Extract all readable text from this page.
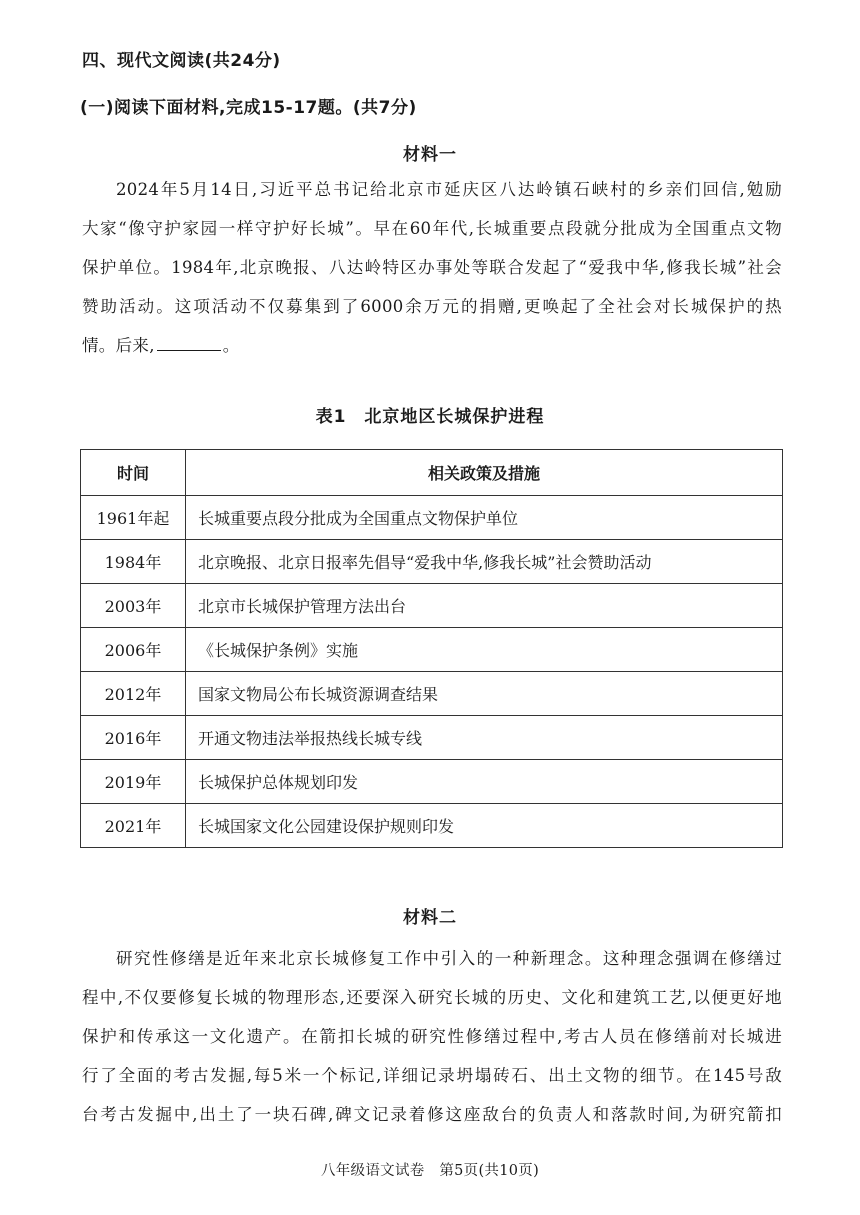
四、现代文阅读(共24分)
(一)阅读下面材料,完成15-17题。(共7分)
材料一
2024年5月14日,习近平总书记给北京市延庆区八达岭镇石峡村的乡亲们回信,勉励
大家“像守护家园一样守护好长城”。早在60年代,长城重要点段就分批成为全国重点文物
保护单位。1984年,北京晚报、八达岭特区办事处等联合发起了“爱我中华,修我长城”社会
赞助活动。这项活动不仅募集到了6000余万元的捐赠,更唤起了全社会对长城保护的热
情。后来,	。
表1　北京地区长城保护进程
时间	相关政策及措施
1961年起	长城重要点段分批成为全国重点文物保护单位
1984年	北京晚报、北京日报率先倡导“爱我中华,修我长城”社会赞助活动
2003年	北京市长城保护管理方法出台
2006年	《长城保护条例》实施
2012年	国家文物局公布长城资源调查结果
2016年	开通文物违法举报热线长城专线
2019年	长城保护总体规划印发
2021年	长城国家文化公园建设保护规则印发
材料二
研究性修缮是近年来北京长城修复工作中引入的一种新理念。这种理念强调在修缮过
程中,不仅要修复长城的物理形态,还要深入研究长城的历史、文化和建筑工艺,以便更好地
保护和传承这一文化遗产。在箭扣长城的研究性修缮过程中,考古人员在修缮前对长城进
行了全面的考古发掘,每5米一个标记,详细记录坍塌砖石、出土文物的细节。在145号敌
台考古发掘中,出土了一块石碑,碑文记录着修这座敌台的负责人和落款时间,为研究箭扣
八年级语文试卷　第5页(共10页)
